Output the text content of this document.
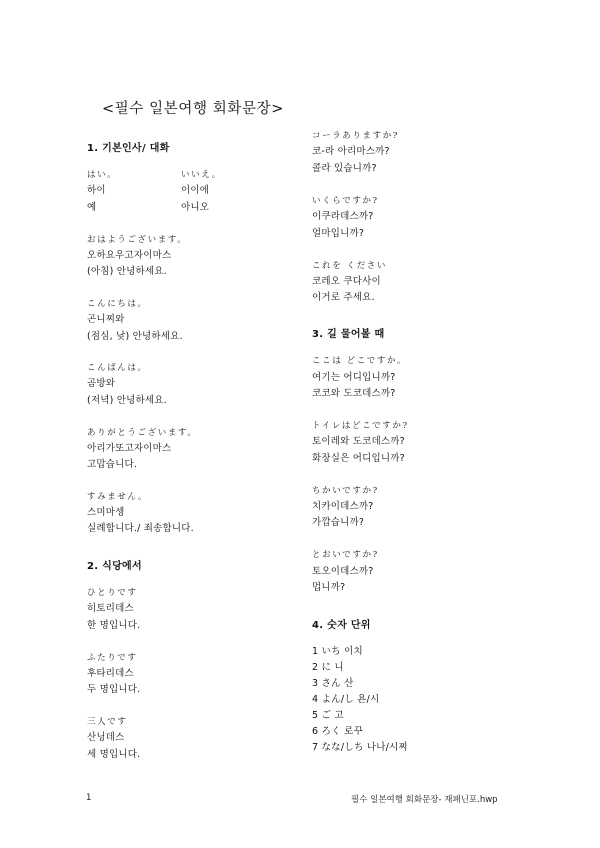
<필수 일본여행 회화문장>
1. 기본인사/ 대화
はい。	いいえ。
하이	이이에
예	아니오
おはようございます。
오하요우고자이마스
(아침) 안녕하세요.
こんにちは。
곤니찌와
(점심, 낮) 안녕하세요.
こんばんは。
곰방와
(저녁) 안녕하세요.
ありがとうございます。
아리가또고자이마스
고맙습니다.
すみません。
스미마셍
실례합니다./ 죄송합니다.
2. 식당에서
ひとりです
히토리데스
한 명입니다.
ふたりです
후타리데스
두 명입니다.
三人です
산닝데스
세 명입니다.
コーラありますか?
코-라 아리마스까?
콜라 있습니까?
いくらですか?
이쿠라데스까?
얼마입니까?
これを ください
코레오 쿠다사이
이거로 주세요.
3. 길 물어볼 때
ここは どこですか。
여기는 어디입니까?
코코와 도코데스까?
トイレはどこですか?
토이레와 도코데스까?
화장실은 어디입니까?
ちかいですか?
치카이데스까?
가깝습니까?
とおいですか?
토오이데스까?
멉니까?
4. 숫자 단위
1 いち 이치
2 に 니
3 さん 산
4 よん/し 욘/시
5 ご 고
6 ろく 로꾸
7 なな/しち 나나/시찌
1	필수 일본여행 회화문장- 재패닌포.hwp
